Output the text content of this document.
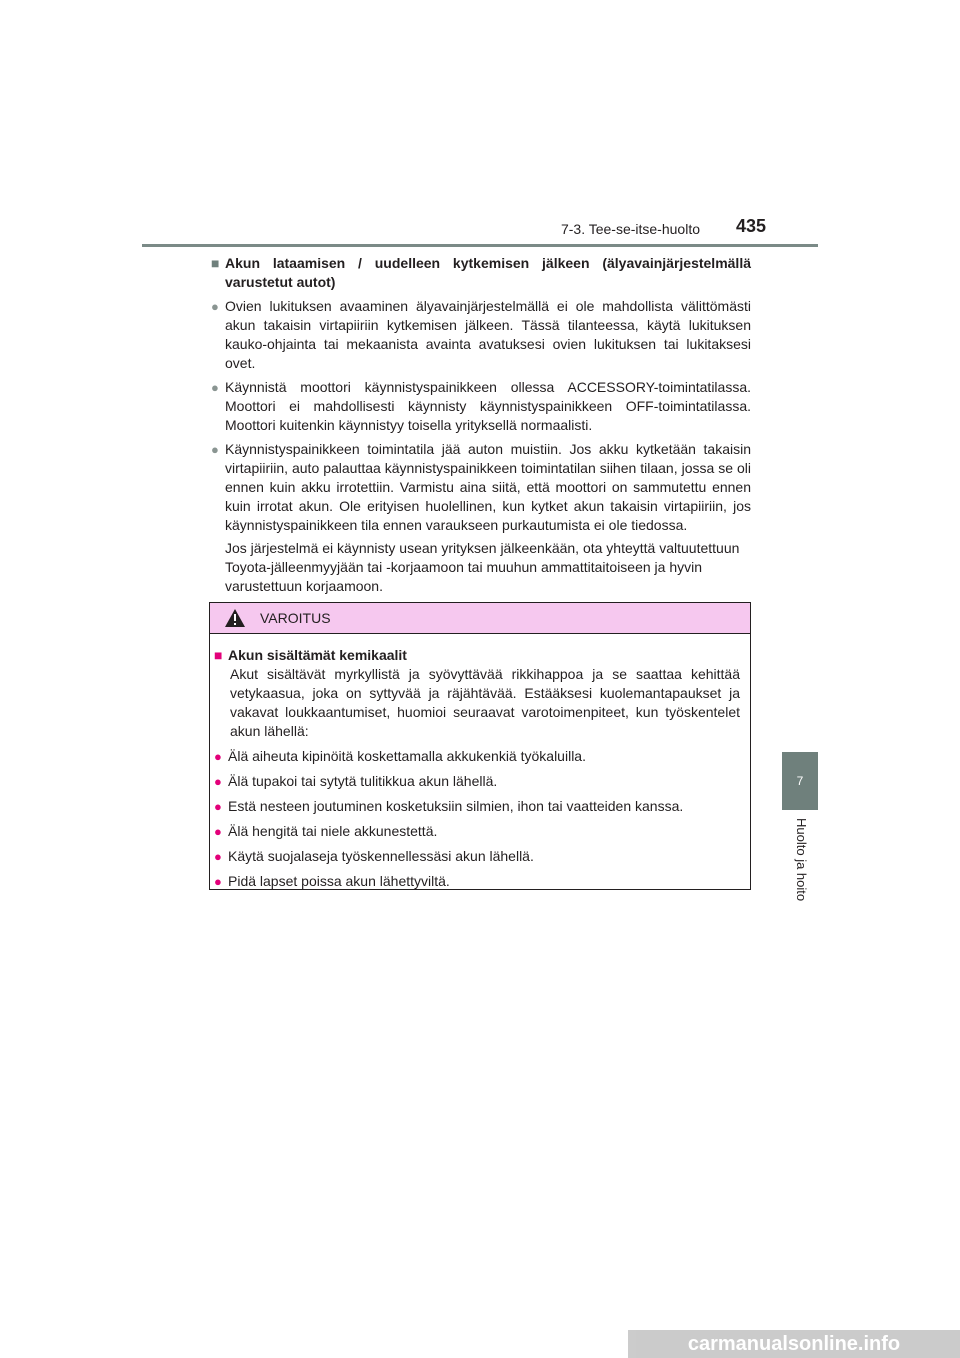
7-3. Tee-se-itse-huolto 435
7
Huolto ja hoito
■ Akun lataamisen / uudelleen kytkemisen jälkeen (älyavainjärjestelmällä varustetut autot)
● Ovien lukituksen avaaminen älyavainjärjestelmällä ei ole mahdollista välittömästi akun takaisin virtapiiriin kytkemisen jälkeen. Tässä tilanteessa, käytä lukituksen kauko-ohjainta tai mekaanista avainta avatuksesi ovien lukituksen tai lukitaksesi ovet.
● Käynnistä moottori käynnistyspainikkeen ollessa ACCESSORY-toimintatilassa. Moottori ei mahdollisesti käynnisty käynnistyspainikkeen OFF-toimintatilassa. Moottori kuitenkin käynnistyy toisella yrityksellä normaalisti.
● Käynnistyspainikkeen toimintatila jää auton muistiin. Jos akku kytketään takaisin virtapiiriin, auto palauttaa käynnistyspainikkeen toimintatilan siihen tilaan, jossa se oli ennen kuin akku irrotettiin. Varmistu aina siitä, että moottori on sammutettu ennen kuin irrotat akun. Ole erityisen huolellinen, kun kytket akun takaisin virtapiiriin, jos käynnistyspainikkeen tila ennen varaukseen purkautumista ei ole tiedossa.
Jos järjestelmä ei käynnisty usean yrityksen jälkeenkään, ota yhteyttä valtuutettuun Toyota-jälleenmyyjään tai -korjaamoon tai muuhun ammattitaitoiseen ja hyvin varustettuun korjaamoon.
VAROITUS
■ Akun sisältämät kemikaalit
Akut sisältävät myrkyllistä ja syövyttävää rikkihappoa ja se saattaa kehittää vetykaasua, joka on syttyvää ja räjähtävää. Estääksesi kuolemantapaukset ja vakavat loukkaantumiset, huomioi seuraavat varotoimenpiteet, kun työskentelet akun lähellä:
● Älä aiheuta kipinöitä koskettamalla akkukenkiä työkaluilla.
● Älä tupakoi tai sytytä tulitikkua akun lähellä.
● Estä nesteen joutuminen kosketuksiin silmien, ihon tai vaatteiden kanssa.
● Älä hengitä tai niele akkunestettä.
● Käytä suojalaseja työskennellessäsi akun lähellä.
● Pidä lapset poissa akun lähettyviltä.
carmanualsonline.info
